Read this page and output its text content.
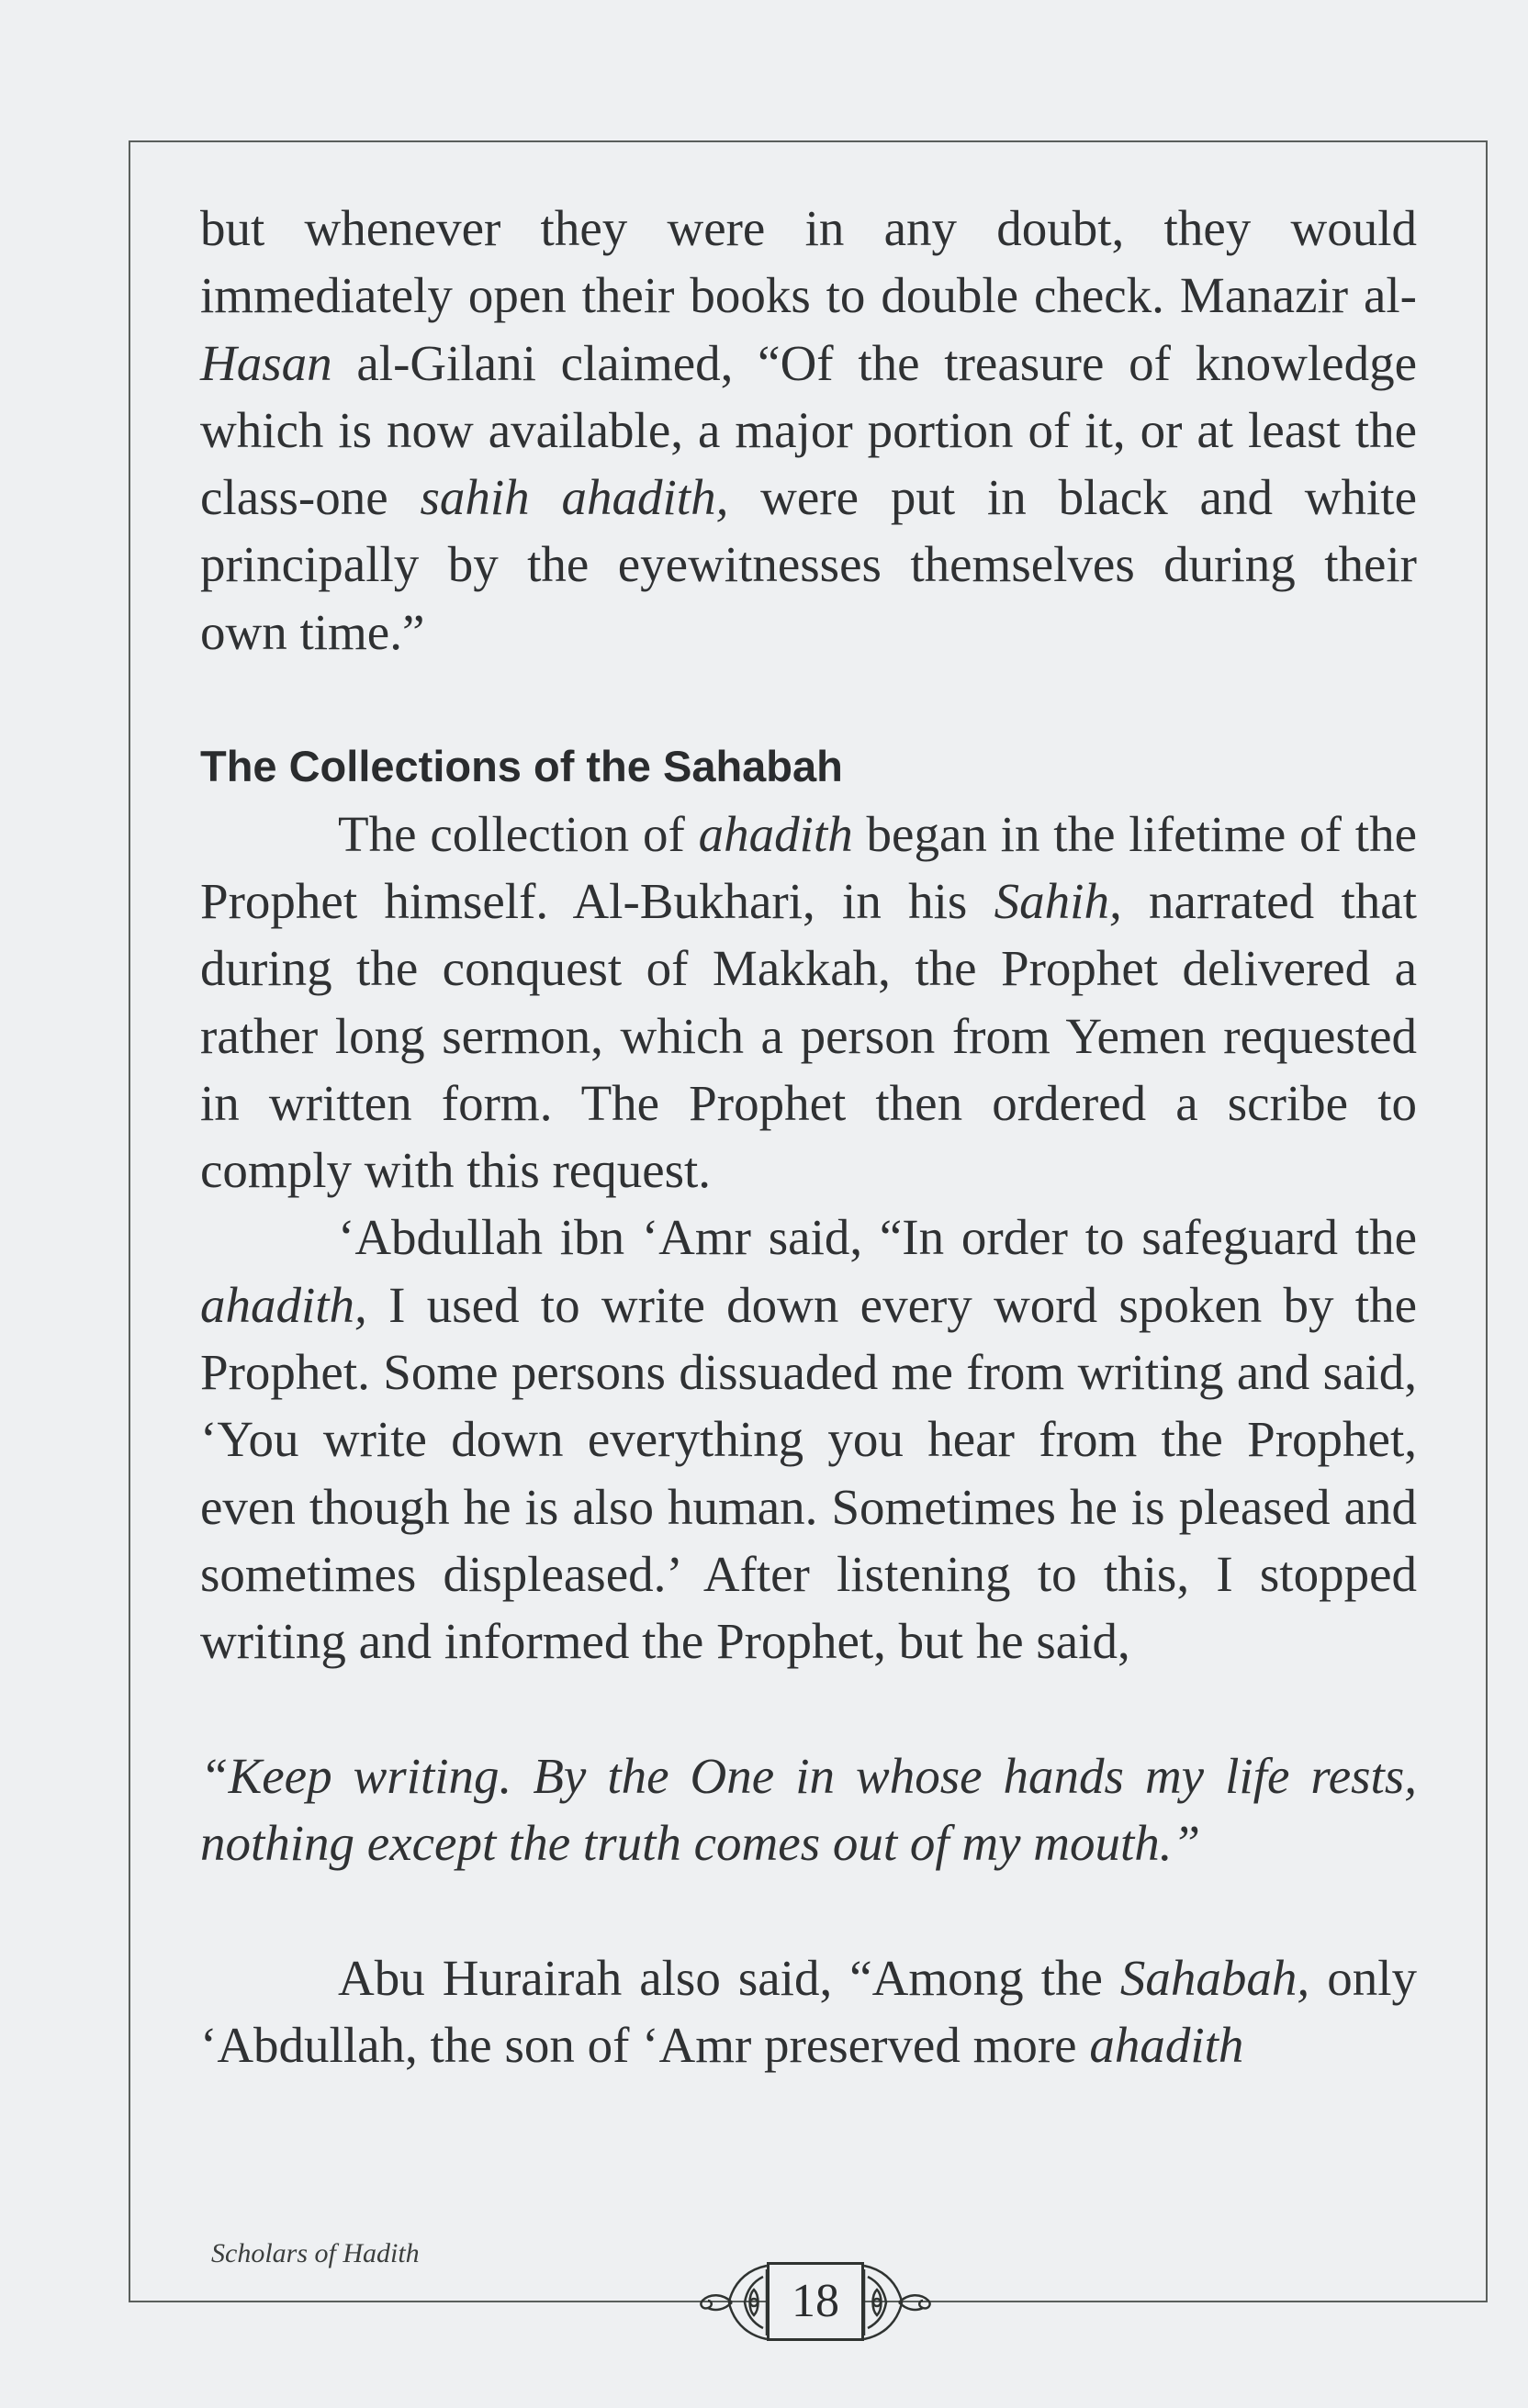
but whenever they were in any doubt, they would immediately open their books to double check. Manazir al-Hasan al-Gilani claimed, “Of the treasure of knowledge which is now available, a major portion of it, or at least the class-one sahih ahadith, were put in black and white principally by the eyewitnesses themselves during their own time.”

The Collections of the Sahabah

The collection of ahadith began in the lifetime of the Prophet himself. Al-Bukhari, in his Sahih, narrated that during the conquest of Makkah, the Prophet delivered a rather long sermon, which a person from Yemen requested in written form. The Prophet then ordered a scribe to comply with this request.

‘Abdullah ibn ‘Amr said, “In order to safeguard the ahadith, I used to write down every word spoken by the Prophet. Some persons dissuaded me from writing and said, ‘You write down everything you hear from the Prophet, even though he is also human. Sometimes he is pleased and sometimes displeased.’ After listening to this, I stopped writing and informed the Prophet, but he said,

“Keep writing. By the One in whose hands my life rests, nothing except the truth comes out of my mouth.”

Abu Hurairah also said, “Among the Sahabah, only ‘Abdullah, the son of ‘Amr preserved more ahadith

Scholars of Hadith
18
